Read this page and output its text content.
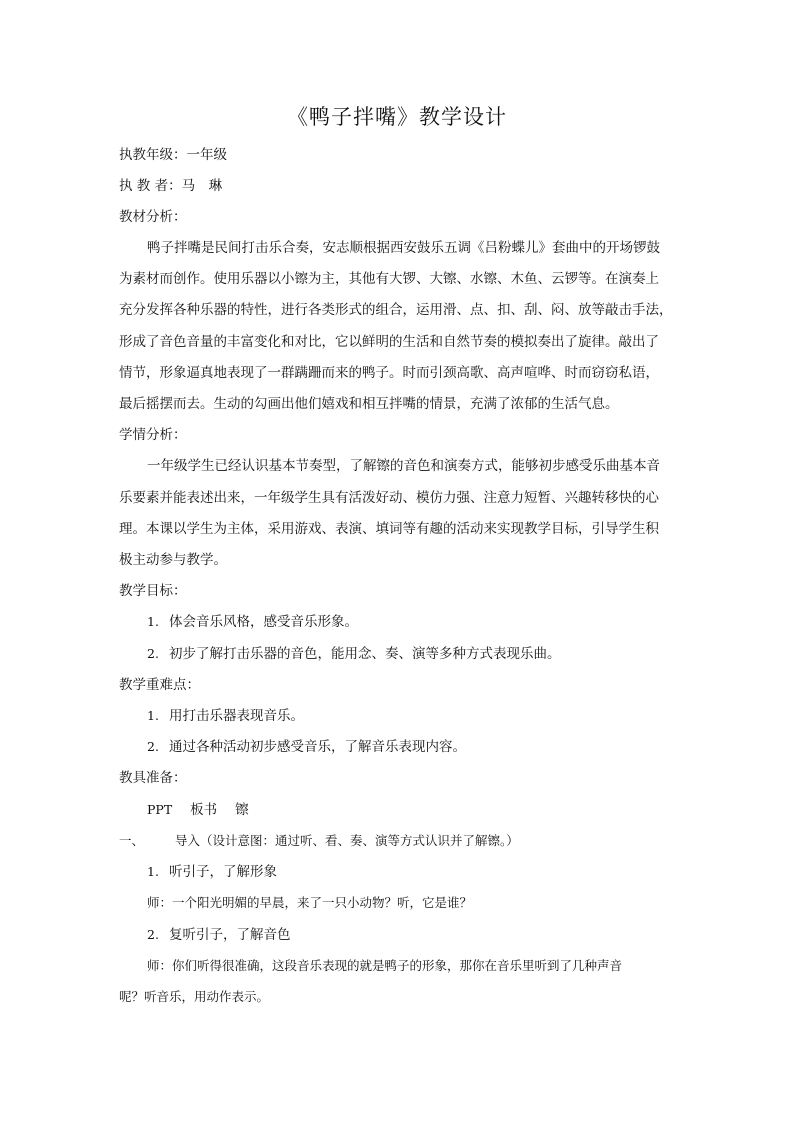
《鸭子拌嘴》教学设计
执教年级：一年级
执 教 者：马　琳
教材分析：
鸭子拌嘴是民间打击乐合奏，安志顺根据西安鼓乐五调《吕粉蝶儿》套曲中的开场锣鼓
为素材而创作。使用乐器以小镲为主，其他有大锣、大镲、水镲、木鱼、云锣等。在演奏上
充分发挥各种乐器的特性，进行各类形式的组合，运用滑、点、扣、刮、闷、放等敲击手法，
形成了音色音量的丰富变化和对比，它以鲜明的生活和自然节奏的模拟奏出了旋律。敲出了
情节，形象逼真地表现了一群蹒跚而来的鸭子。时而引颈高歌、高声喧哗、时而窃窃私语，
最后摇摆而去。生动的勾画出他们嬉戏和相互拌嘴的情景，充满了浓郁的生活气息。
学情分析：
一年级学生已经认识基本节奏型，了解镲的音色和演奏方式，能够初步感受乐曲基本音
乐要素并能表述出来，一年级学生具有活泼好动、模仿力强、注意力短暂、兴趣转移快的心
理。本课以学生为主体，采用游戏、表演、填词等有趣的活动来实现教学目标，引导学生积
极主动参与教学。
教学目标：
1. 体会音乐风格，感受音乐形象。
2. 初步了解打击乐器的音色，能用念、奏、演等多种方式表现乐曲。
教学重难点：
1. 用打击乐器表现音乐。
2. 通过各种活动初步感受音乐，了解音乐表现内容。
教具准备：
PPT 板书 镲
一、 导入（设计意图：通过听、看、奏、演等方式认识并了解镲。）
1. 听引子，了解形象
师：一个阳光明媚的早晨，来了一只小动物？听，它是谁？
2. 复听引子，了解音色
师：你们听得很准确，这段音乐表现的就是鸭子的形象，那你在音乐里听到了几种声音
呢？听音乐，用动作表示。
